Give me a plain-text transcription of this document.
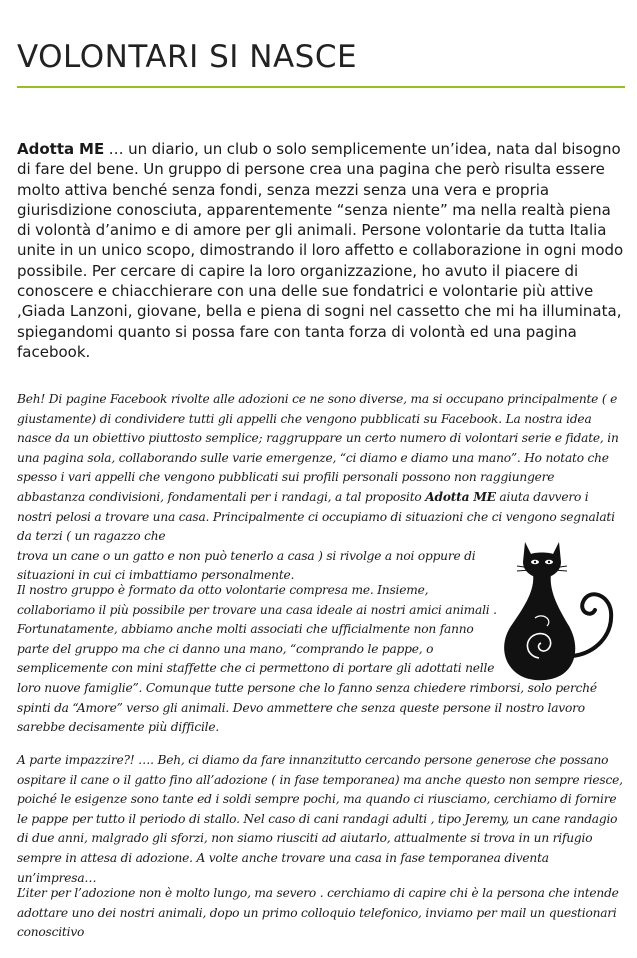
VOLONTARI SI NASCE

Adotta ME … un diario, un club o solo semplicemente un’idea, nata dal bisogno di fare del bene. Un gruppo di persone crea una pagina che però risulta essere molto attiva benché senza fondi, senza mezzi senza una vera e propria giurisdizione conosciuta, apparentemente “senza niente” ma nella realtà piena di volontà d’animo e di amore per gli animali. Persone volontarie da tutta Italia unite in un unico scopo, dimostrando il loro affetto e collaborazione in ogni modo possibile. Per cercare di capire la loro organizzazione, ho avuto il piacere di conoscere e chiacchierare con una delle sue fondatrici e volontarie più attive ,Giada Lanzoni, giovane, bella e piena di sogni nel cassetto che mi ha illuminata, spiegandomi quanto si possa fare con tanta forza di volontà ed una pagina facebook.

Beh! Di pagine Facebook rivolte alle adozioni ce ne sono diverse, ma si occupano principalmente ( e giustamente) di condividere tutti gli appelli che vengono pubblicati su Facebook. La nostra idea nasce da un obiettivo piuttosto semplice; raggruppare un certo numero di volontari serie e fidate, in una pagina sola, collaborando sulle varie emergenze, “ci diamo e diamo una mano”. Ho notato che spesso i vari appelli che vengono pubblicati sui profili personali possono non raggiungere abbastanza condivisioni, fondamentali per i randagi, a tal proposito Adotta ME aiuta davvero i nostri pelosi a trovare una casa. Principalmente ci occupiamo di situazioni che ci vengono segnalati da terzi ( un ragazzo che
trova un cane o un gatto e non può tenerlo a casa ) si rivolge a noi oppure di
situazioni in cui ci imbattiamo personalmente.

Il nostro gruppo è formato da otto volontarie compresa me. Insieme,
collaboriamo il più possibile per trovare una casa ideale ai nostri amici animali .
Fortunatamente, abbiamo anche molti associati che ufficialmente non fanno
parte del gruppo ma che ci danno una mano, “comprando le pappe, o
semplicemente con mini staffette che ci permettono di portare gli adottati nelle
loro nuove famiglie”. Comunque tutte persone che lo fanno senza chiedere rimborsi, solo perché spinti da “Amore” verso gli animali. Devo ammettere che senza queste persone il nostro lavoro sarebbe decisamente più difficile.

A parte impazzire?! …. Beh, ci diamo da fare innanzitutto cercando persone generose che possano ospitare il cane o il gatto fino all’adozione ( in fase temporanea) ma anche questo non sempre riesce, poiché le esigenze sono tante ed i soldi sempre pochi, ma quando ci riusciamo, cerchiamo di fornire le pappe per tutto il periodo di stallo. Nel caso di cani randagi adulti , tipo Jeremy, un cane randagio di due anni, malgrado gli sforzi, non siamo riusciti ad aiutarlo, attualmente si trova in un rifugio sempre in attesa di adozione. A volte anche trovare una casa in fase temporanea diventa un’impresa…

L’iter per l’adozione non è molto lungo, ma severo . cerchiamo di capire chi è la persona che intende adottare uno dei nostri animali, dopo un primo colloquio telefonico, inviamo per mail un questionari conoscitivo
